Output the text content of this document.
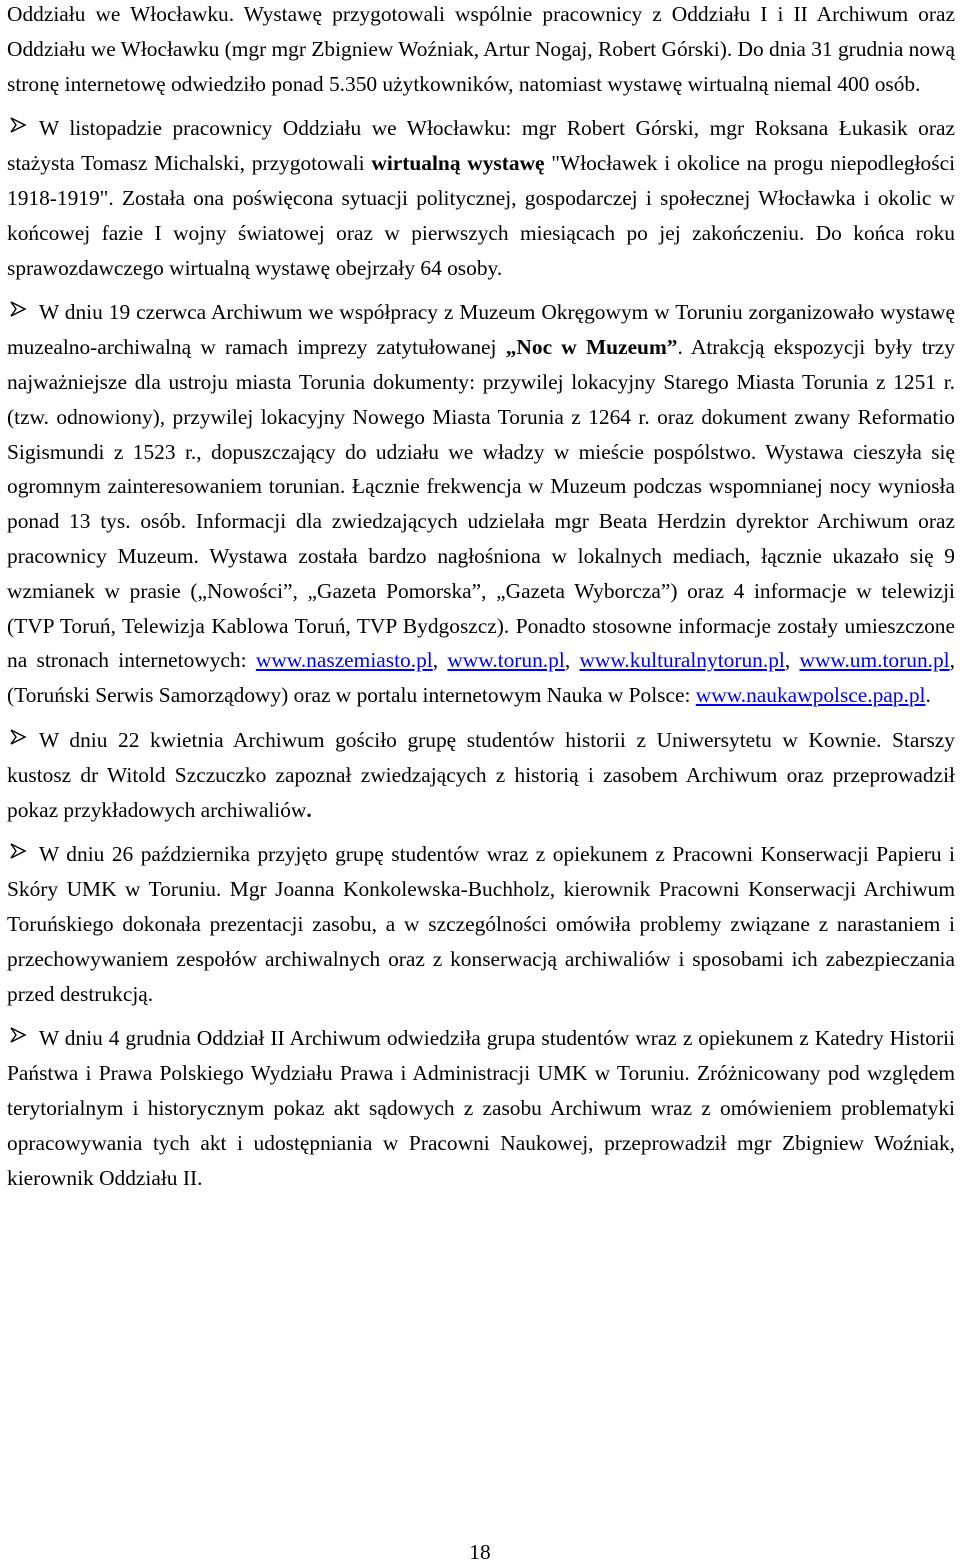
Oddziału we Włocławku. Wystawę przygotowali wspólnie pracownicy z Oddziału I i II Archiwum oraz Oddziału we Włocławku (mgr mgr Zbigniew Woźniak, Artur Nogaj, Robert Górski). Do dnia 31 grudnia nową stronę internetowę odwiedziło ponad 5.350 użytkowników, natomiast wystawę wirtualną niemal 400 osób.

W listopadzie pracownicy Oddziału we Włocławku: mgr Robert Górski, mgr Roksana Łukasik oraz stażysta Tomasz Michalski, przygotowali wirtualną wystawę "Włocławek i okolice na progu niepodległości 1918-1919". Została ona poświęcona sytuacji politycznej, gospodarczej i społecznej Włocławka i okolic w końcowej fazie I wojny światowej oraz w pierwszych miesiącach po jej zakończeniu. Do końca roku sprawozdawczego wirtualną wystawę obejrzały 64 osoby.

W dniu 19 czerwca Archiwum we współpracy z Muzeum Okręgowym w Toruniu zorganizowało wystawę muzealno-archiwalną w ramach imprezy zatytułowanej „Noc w Muzeum”. Atrakcją ekspozycji były trzy najważniejsze dla ustroju miasta Torunia dokumenty: przywilej lokacyjny Starego Miasta Torunia z 1251 r. (tzw. odnowiony), przywilej lokacyjny Nowego Miasta Torunia z 1264 r. oraz dokument zwany Reformatio Sigismundi z 1523 r., dopuszczający do udziału we władzy w mieście pospólstwo. Wystawa cieszyła się ogromnym zainteresowaniem torunian. Łącznie frekwencja w Muzeum podczas wspomnianej nocy wyniosła ponad 13 tys. osób. Informacji dla zwiedzających udzielała mgr Beata Herdzin dyrektor Archiwum oraz pracownicy Muzeum. Wystawa została bardzo nagłośniona w lokalnych mediach, łącznie ukazało się 9 wzmianek w prasie („Nowości”, „Gazeta Pomorska”, „Gazeta Wyborcza”) oraz 4 informacje w telewizji (TVP Toruń, Telewizja Kablowa Toruń, TVP Bydgoszcz). Ponadto stosowne informacje zostały umieszczone na stronach internetowych: www.naszemiasto.pl, www.torun.pl, www.kulturalnytorun.pl, www.um.torun.pl, (Toruński Serwis Samorządowy) oraz w portalu internetowym Nauka w Polsce: www.naukawpolsce.pap.pl.

W dniu 22 kwietnia Archiwum gościło grupę studentów historii z Uniwersytetu w Kownie. Starszy kustosz dr Witold Szczuczko zapoznał zwiedzających z historią i zasobem Archiwum oraz przeprowadził pokaz przykładowych archiwaliów.

W dniu 26 października przyjęto grupę studentów wraz z opiekunem z Pracowni Konserwacji Papieru i Skóry UMK w Toruniu. Mgr Joanna Konkolewska-Buchholz, kierownik Pracowni Konserwacji Archiwum Toruńskiego dokonała prezentacji zasobu, a w szczególności omówiła problemy związane z narastaniem i przechowywaniem zespołów archiwalnych oraz z konserwacją archiwaliów i sposobami ich zabezpieczania przed destrukcją.

W dniu 4 grudnia Oddział II Archiwum odwiedziła grupa studentów wraz z opiekunem z Katedry Historii Państwa i Prawa Polskiego Wydziału Prawa i Administracji UMK w Toruniu. Zróżnicowany pod względem terytorialnym i historycznym pokaz akt sądowych z zasobu Archiwum wraz z omówieniem problematyki opracowywania tych akt i udostępniania w Pracowni Naukowej, przeprowadził mgr Zbigniew Woźniak, kierownik Oddziału II.

18
